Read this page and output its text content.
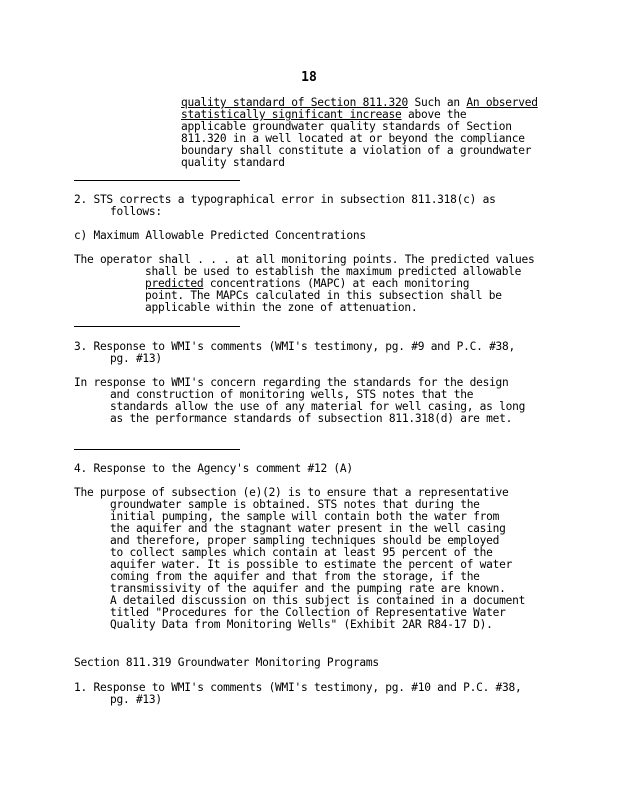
18
quality standard of Section 811.320 Such an An observed
statistically significant increase above the
applicable groundwater quality standards of Section
811.320 in a well located at or beyond the compliance
boundary shall constitute a violation of a groundwater
quality standard
2. STS corrects a typographical error in subsection 811.318(c) as
follows:
c) Maximum Allowable Predicted Concentrations
The operator shall . . . at all monitoring points. The predicted values
shall be used to establish the maximum predicted allowable
predicted concentrations (MAPC) at each monitoring
point. The MAPCs calculated in this subsection shall be
applicable within the zone of attenuation.
3. Response to WMI's comments (WMI's testimony, pg. #9 and P.C. #38,
pg. #13)
In response to WMI's concern regarding the standards for the design
and construction of monitoring wells, STS notes that the
standards allow the use of any material for well casing, as long
as the performance standards of subsection 811.318(d) are met.
4. Response to the Agency's comment #12 (A)
The purpose of subsection (e)(2) is to ensure that a representative
groundwater sample is obtained. STS notes that during the
initial pumping, the sample will contain both the water from
the aquifer and the stagnant water present in the well casing
and therefore, proper sampling techniques should be employed
to collect samples which contain at least 95 percent of the
aquifer water. It is possible to estimate the percent of water
coming from the aquifer and that from the storage, if the
transmissivity of the aquifer and the pumping rate are known.
A detailed discussion on this subject is contained in a document
titled "Procedures for the Collection of Representative Water
Quality Data from Monitoring Wells" (Exhibit 2AR R84-17 D).
Section 811.319 Groundwater Monitoring Programs
1. Response to WMI's comments (WMI's testimony, pg. #10 and P.C. #38,
pg. #13)
